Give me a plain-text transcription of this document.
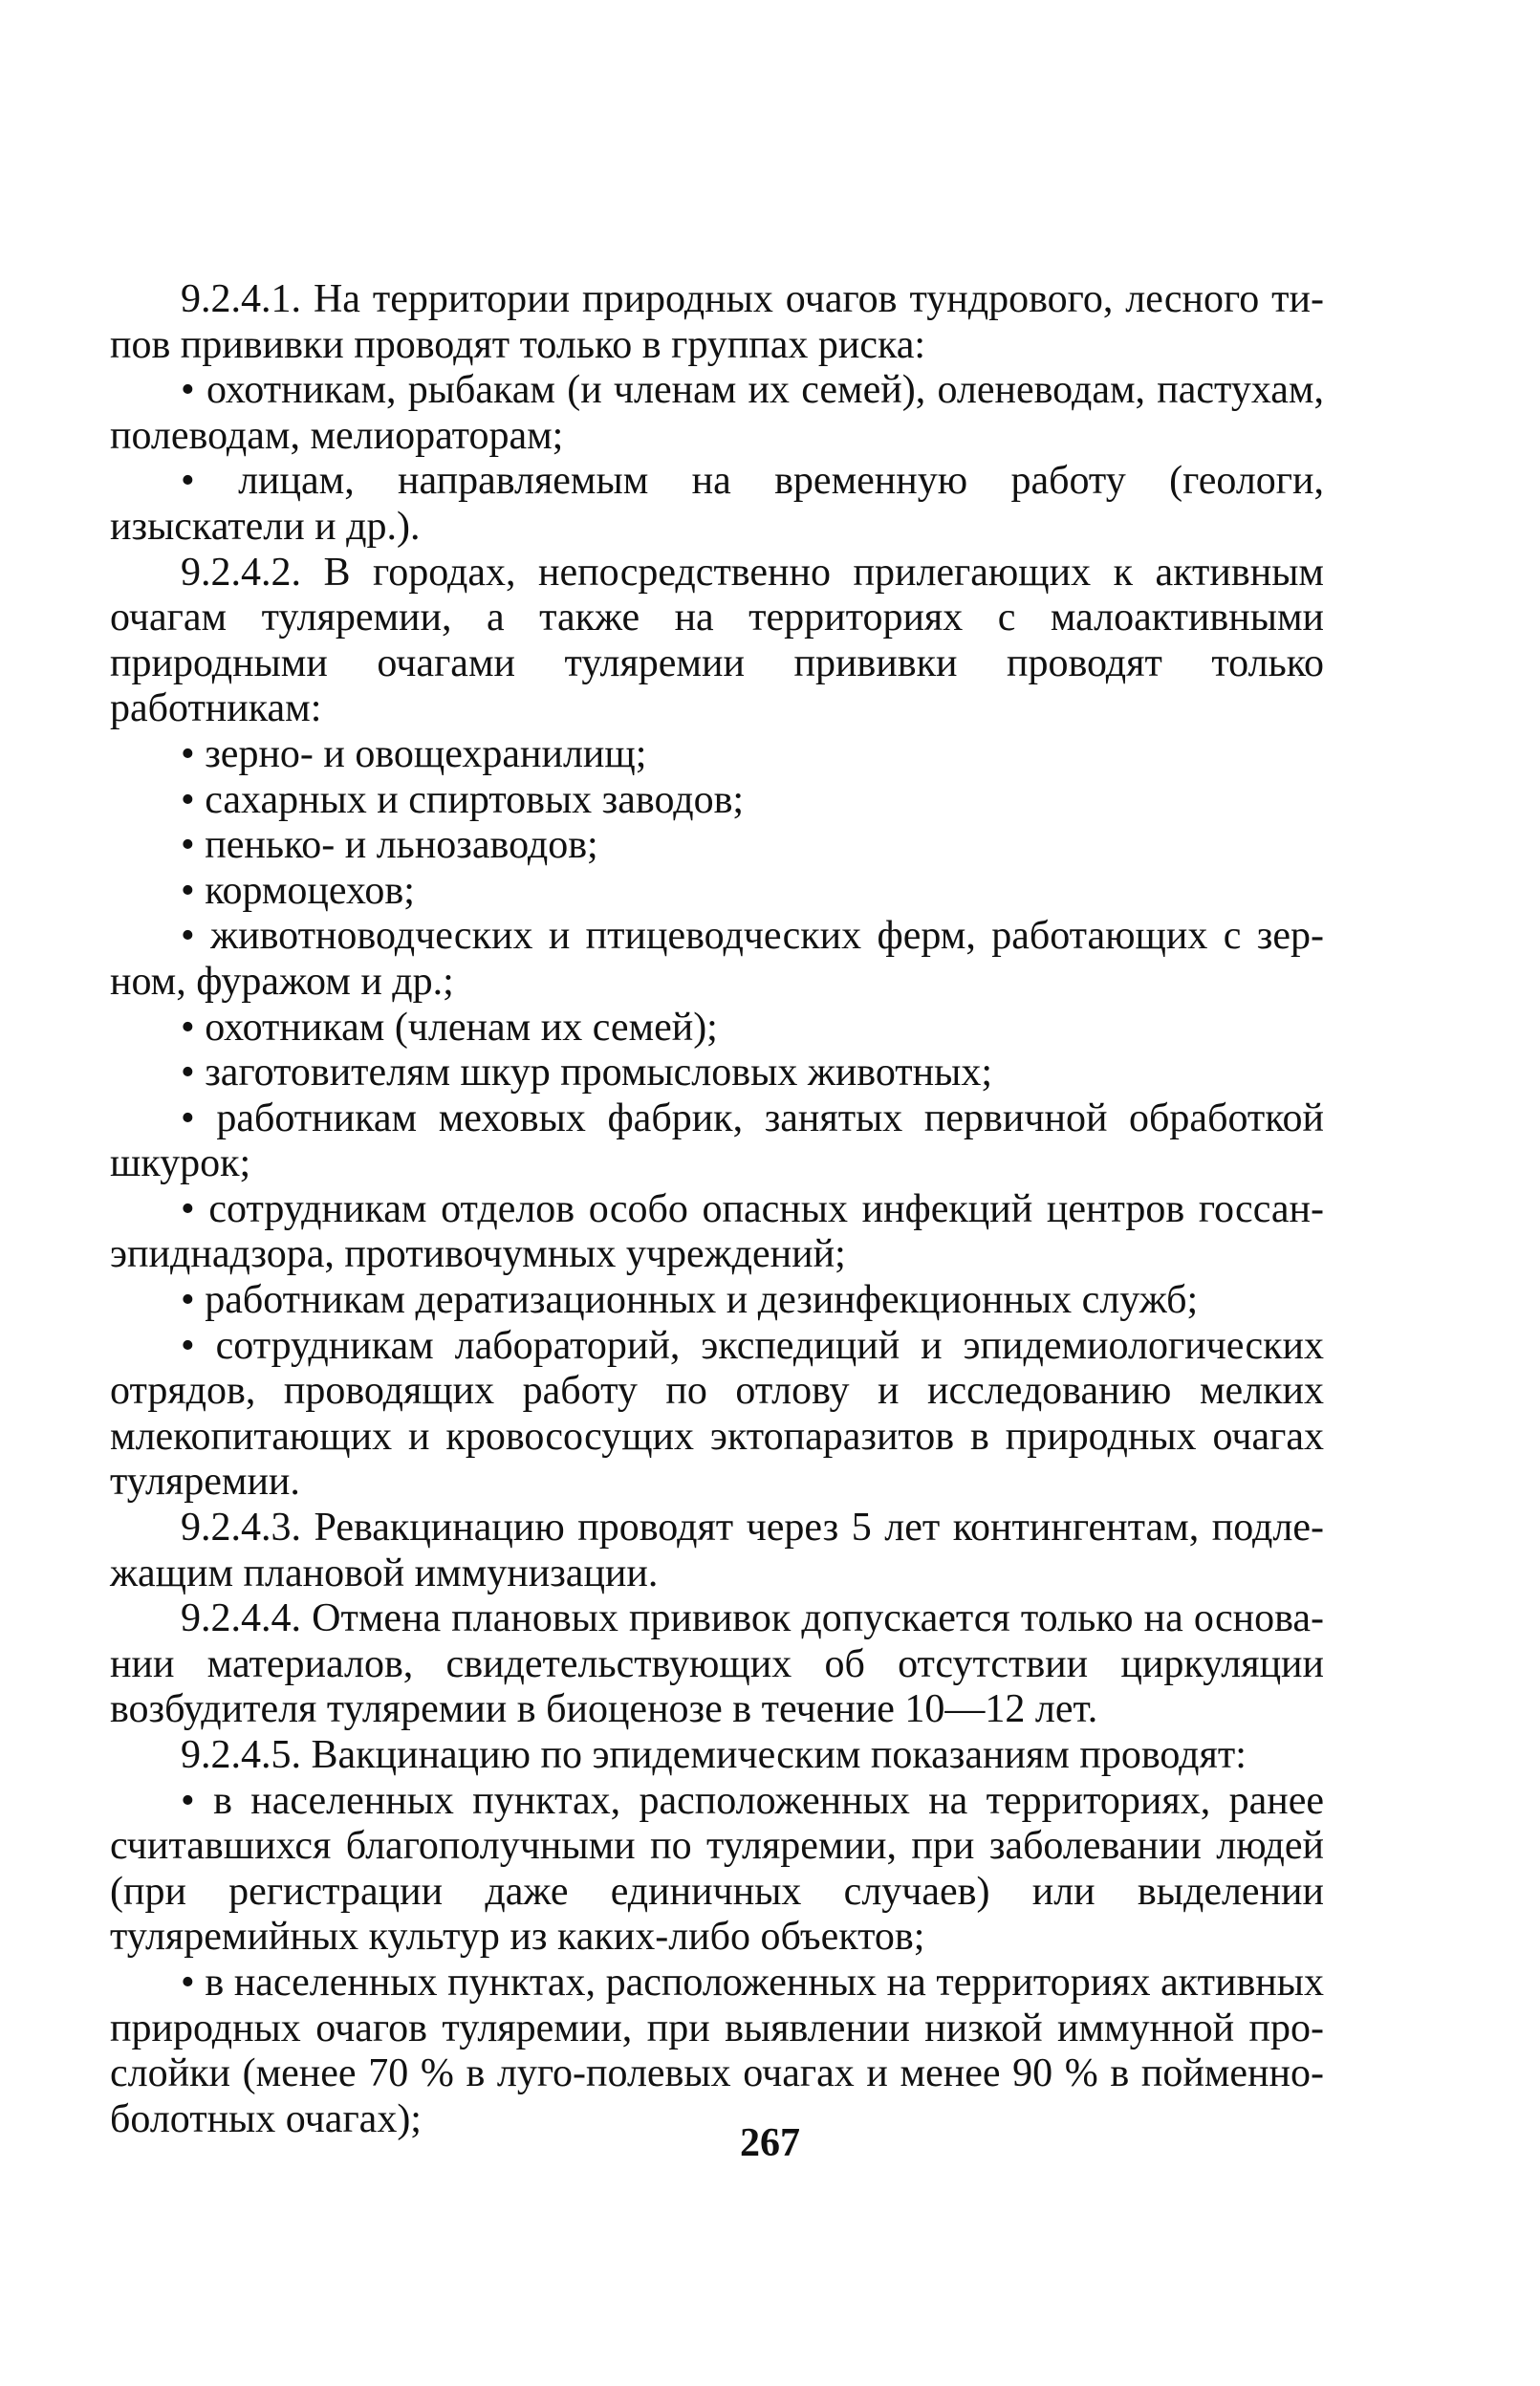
9.2.4.1. На территории природных очагов тундрового, лесного типов прививки проводят только в группах риска:

• охотникам, рыбакам (и членам их семей), оленеводам, пастухам, полеводам, мелиораторам;

• лицам, направляемым на временную работу (геологи, изыскатели и др.).

9.2.4.2. В городах, непосредственно прилегающих к активным очагам туляремии, а также на территориях с малоактивными природными очагами туляремии прививки проводят только работникам:

• зерно- и овощехранилищ;

• сахарных и спиртовых заводов;

• пенько- и льнозаводов;

• кормоцехов;

• животноводческих и птицеводческих ферм, работающих с зерном, фуражом и др.;

• охотникам (членам их семей);

• заготовителям шкур промысловых животных;

• работникам меховых фабрик, занятых первичной обработкой шкурок;

• сотрудникам отделов особо опасных инфекций центров госсанэпиднадзора, противочумных учреждений;

• работникам дератизационных и дезинфекционных служб;

• сотрудникам лабораторий, экспедиций и эпидемиологических отрядов, проводящих работу по отлову и исследованию мелких млекопитающих и кровососущих эктопаразитов в природных очагах туляремии.

9.2.4.3. Ревакцинацию проводят через 5 лет контингентам, подлежащим плановой иммунизации.

9.2.4.4. Отмена плановых прививок допускается только на основании материалов, свидетельствующих об отсутствии циркуляции возбудителя туляремии в биоценозе в течение 10—12 лет.

9.2.4.5. Вакцинацию по эпидемическим показаниям проводят:

• в населенных пунктах, расположенных на территориях, ранее считавшихся благополучными по туляремии, при заболевании людей (при регистрации даже единичных случаев) или выделении туляремийных культур из каких-либо объектов;

• в населенных пунктах, расположенных на территориях активных природных очагов туляремии, при выявлении низкой иммунной прослойки (менее 70 % в луго-полевых очагах и менее 90 % в пойменноболотных очагах);

267
